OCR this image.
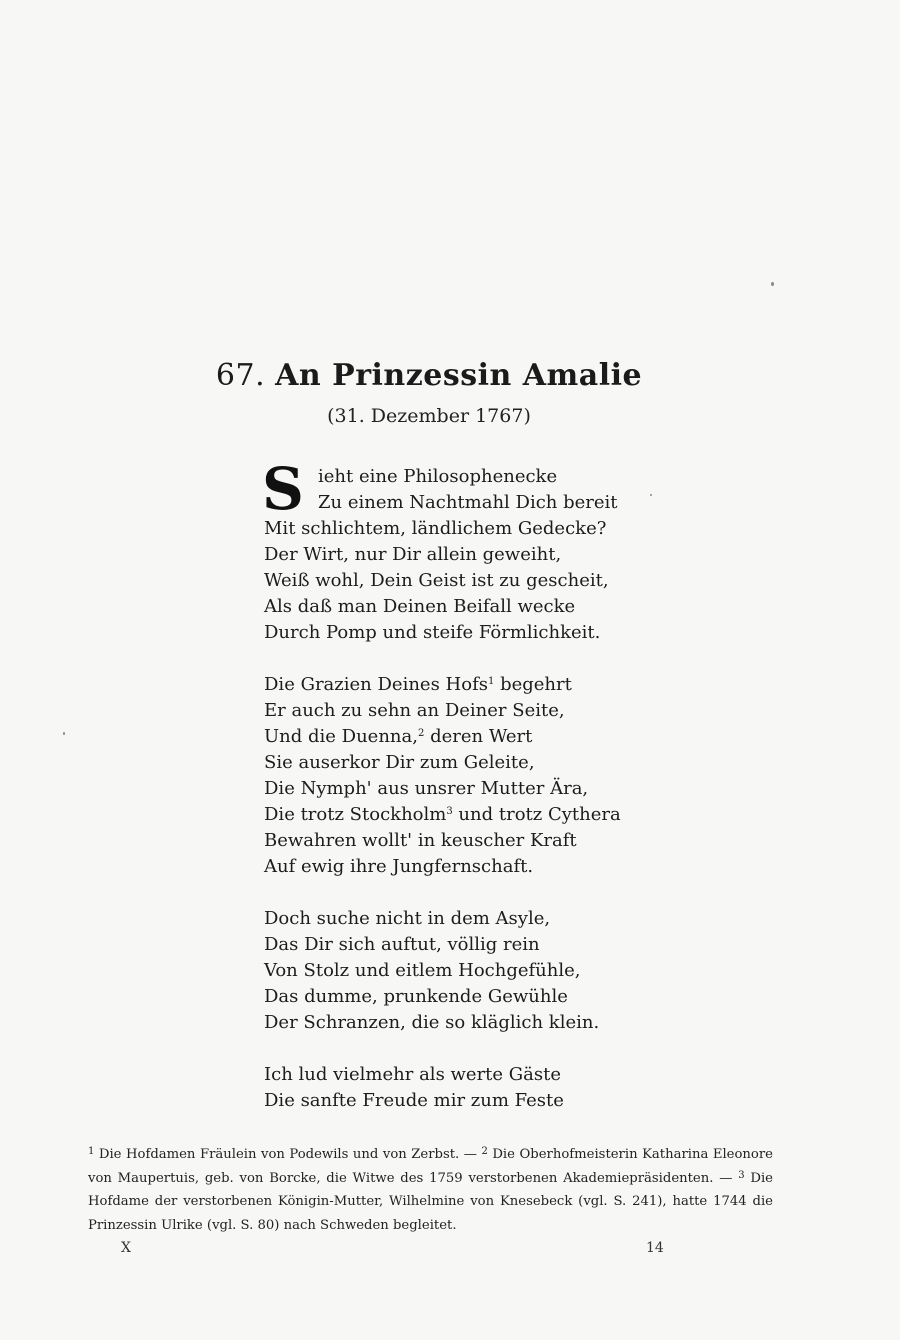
67. An Prinzessin Amalie
(31. Dezember 1767)
S ieht eine Philosophenecke
Zu einem Nachtmahl Dich bereit
Mit schlichtem, ländlichem Gedecke?
Der Wirt, nur Dir allein geweiht,
Weiß wohl, Dein Geist ist zu gescheit,
Als daß man Deinen Beifall wecke
Durch Pomp und steife Förmlichkeit.
Die Grazien Deines Hofs$^1$ begehrt
Er auch zu sehn an Deiner Seite,
Und die Duenna,$^2$ deren Wert
Sie auserkor Dir zum Geleite,
Die Nymph' aus unsrer Mutter Ära,
Die trotz Stockholm$^3$ und trotz Cythera
Bewahren wollt' in keuscher Kraft
Auf ewig ihre Jungfernschaft.
Doch suche nicht in dem Asyle,
Das Dir sich auftut, völlig rein
Von Stolz und eitlem Hochgefühle,
Das dumme, prunkende Gewühle
Der Schranzen, die so kläglich klein.
Ich lud vielmehr als werte Gäste
Die sanfte Freude mir zum Feste
$^1$ Die Hofdamen Fräulein von Podewils und von Zerbst. — $^2$ Die Oberhofmeisterin Katharina Eleonore von Maupertuis, geb. von Borcke, die Witwe des 1759 verstorbenen Akademiepräsidenten. — $^3$ Die Hofdame der verstorbenen Königin-Mutter, Wilhelmine von Knesebeck (vgl. S. 241), hatte 1744 die Prinzessin Ulrike (vgl. S. 80) nach Schweden begleitet.
X	14
